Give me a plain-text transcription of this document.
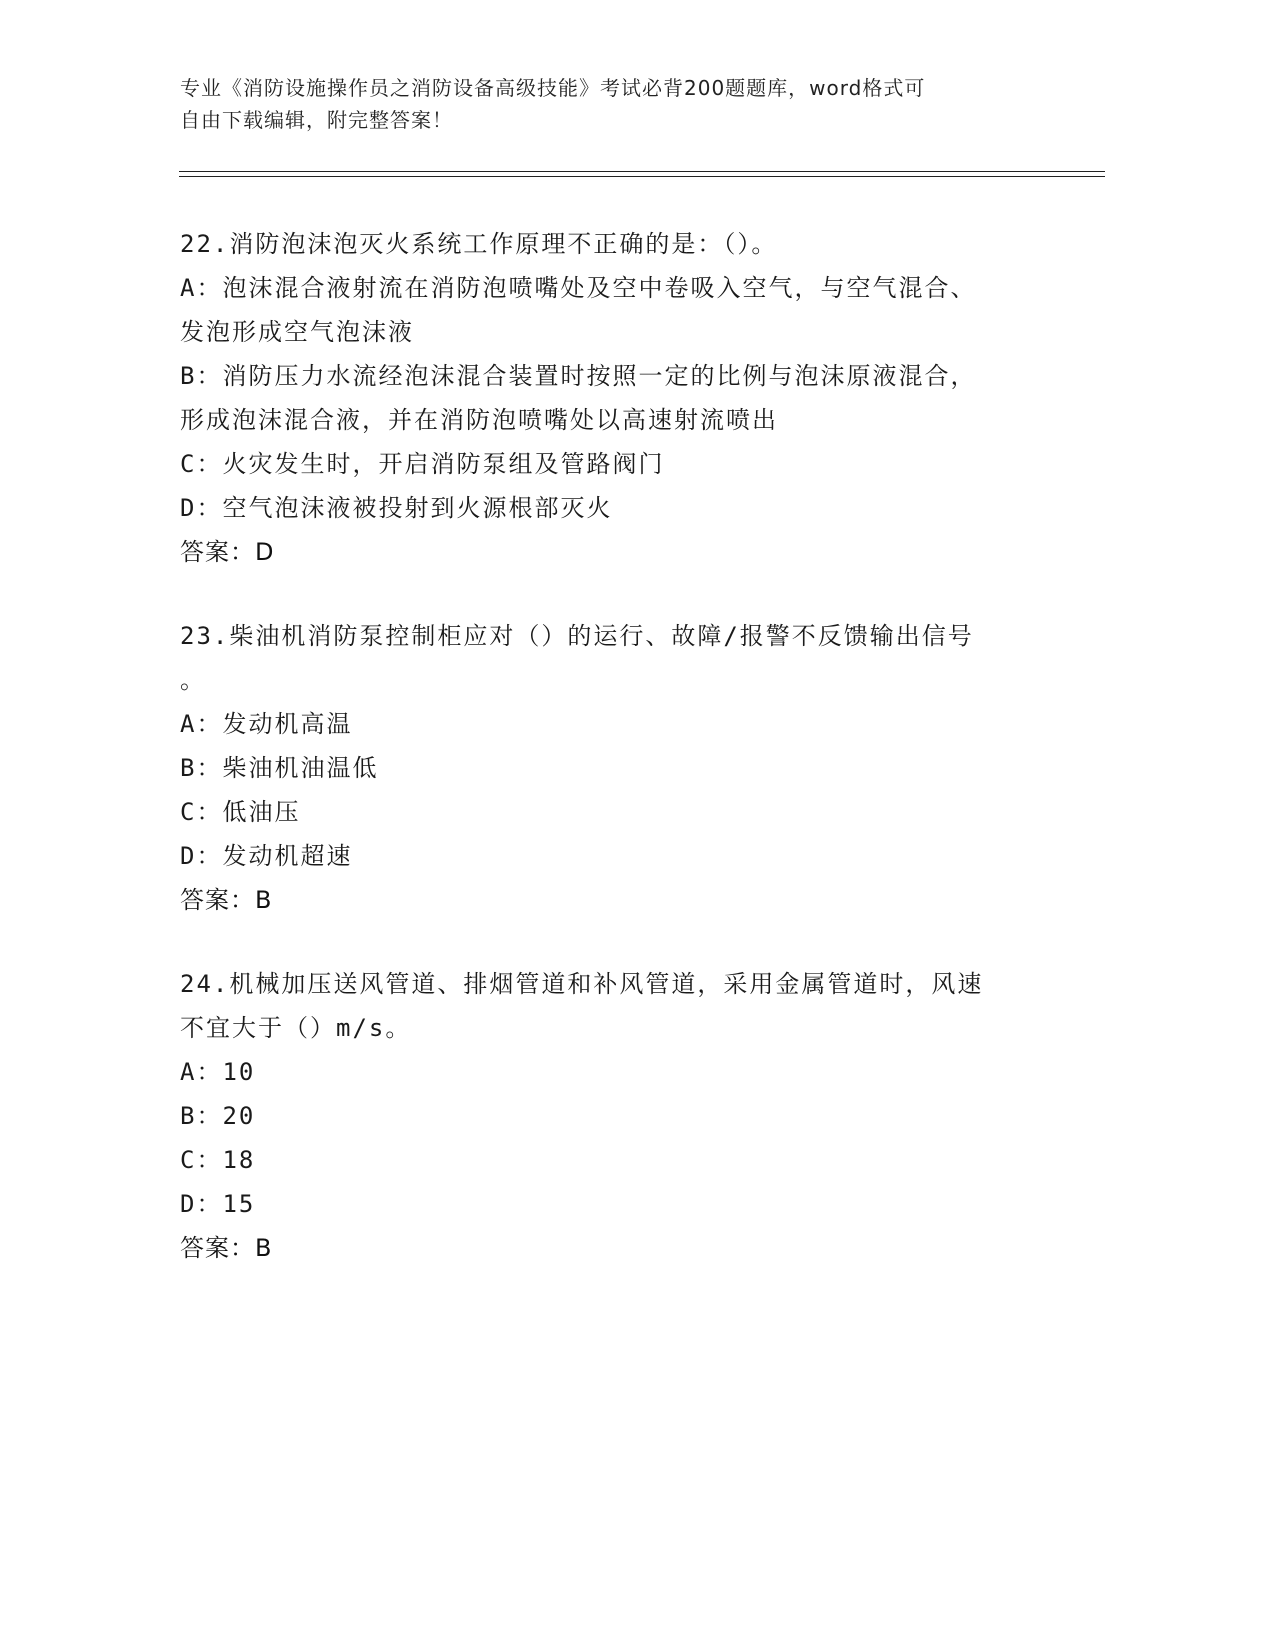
专业《消防设施操作员之消防设备高级技能》考试必背200题题库，word格式可
自由下载编辑，附完整答案！
22.消防泡沫泡灭火系统工作原理不正确的是：（）。
A：泡沫混合液射流在消防泡喷嘴处及空中卷吸入空气，与空气混合、
发泡形成空气泡沫液
B：消防压力水流经泡沫混合装置时按照一定的比例与泡沫原液混合，
形成泡沫混合液，并在消防泡喷嘴处以高速射流喷出
C：火灾发生时，开启消防泵组及管路阀门
D：空气泡沫液被投射到火源根部灭火
答案：D
23.柴油机消防泵控制柜应对（）的运行、故障/报警不反馈输出信号
。
A：发动机高温
B：柴油机油温低
C：低油压
D：发动机超速
答案：B
24.机械加压送风管道、排烟管道和补风管道，采用金属管道时，风速
不宜大于（）m/s。
A：10
B：20
C：18
D：15
答案：B
